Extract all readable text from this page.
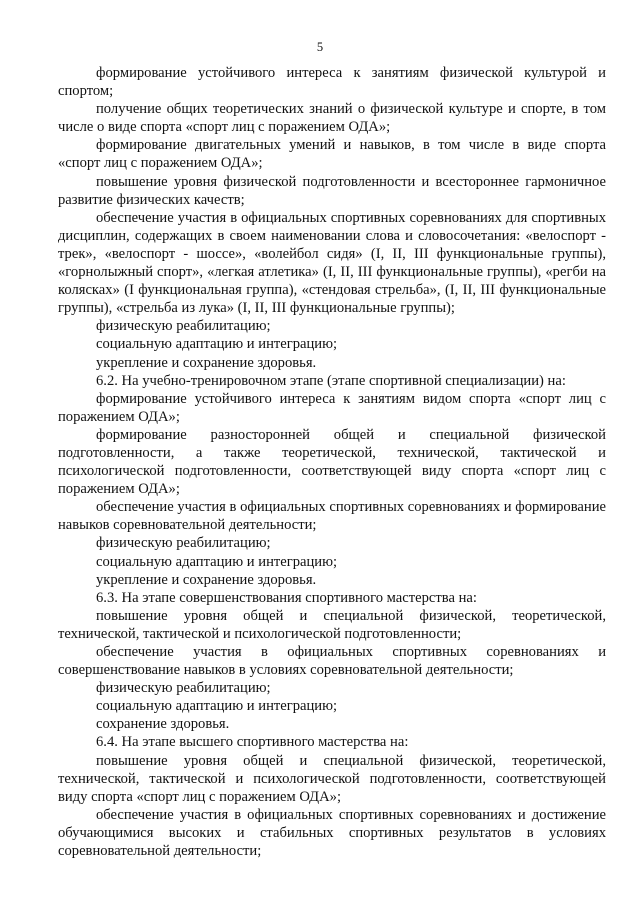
5

формирование устойчивого интереса к занятиям физической культурой и спортом;

получение общих теоретических знаний о физической культуре и спорте, в том числе о виде спорта «спорт лиц с поражением ОДА»;

формирование двигательных умений и навыков, в том числе в виде спорта «спорт лиц с поражением ОДА»;

повышение уровня физической подготовленности и всестороннее гармоничное развитие физических качеств;

обеспечение участия в официальных спортивных соревнованиях для спортивных дисциплин, содержащих в своем наименовании слова и словосочетания: «велоспорт - трек», «велоспорт - шоссе», «волейбол сидя» (I, II, III функциональные группы), «горнолыжный спорт», «легкая атлетика» (I, II, III функциональные группы), «регби на колясках» (I функциональная группа), «стендовая стрельба», (I, II, III функциональные группы), «стрельба из лука» (I, II, III функциональные группы);

физическую реабилитацию;

социальную адаптацию и интеграцию;

укрепление и сохранение здоровья.

6.2. На учебно-тренировочном этапе (этапе спортивной специализации) на:

формирование устойчивого интереса к занятиям видом спорта «спорт лиц с поражением ОДА»;

формирование разносторонней общей и специальной физической подготовленности, а также теоретической, технической, тактической и психологической подготовленности, соответствующей виду спорта «спорт лиц с поражением ОДА»;

обеспечение участия в официальных спортивных соревнованиях и формирование навыков соревновательной деятельности;

физическую реабилитацию;

социальную адаптацию и интеграцию;

укрепление и сохранение здоровья.

6.3. На этапе совершенствования спортивного мастерства на:

повышение уровня общей и специальной физической, теоретической, технической, тактической и психологической подготовленности;

обеспечение участия в официальных спортивных соревнованиях и совершенствование навыков в условиях соревновательной деятельности;

физическую реабилитацию;

социальную адаптацию и интеграцию;

сохранение здоровья.

6.4. На этапе высшего спортивного мастерства на:

повышение уровня общей и специальной физической, теоретической, технической, тактической и психологической подготовленности, соответствующей виду спорта «спорт лиц с поражением ОДА»;

обеспечение участия в официальных спортивных соревнованиях и достижение обучающимися высоких и стабильных спортивных результатов в условиях соревновательной деятельности;
